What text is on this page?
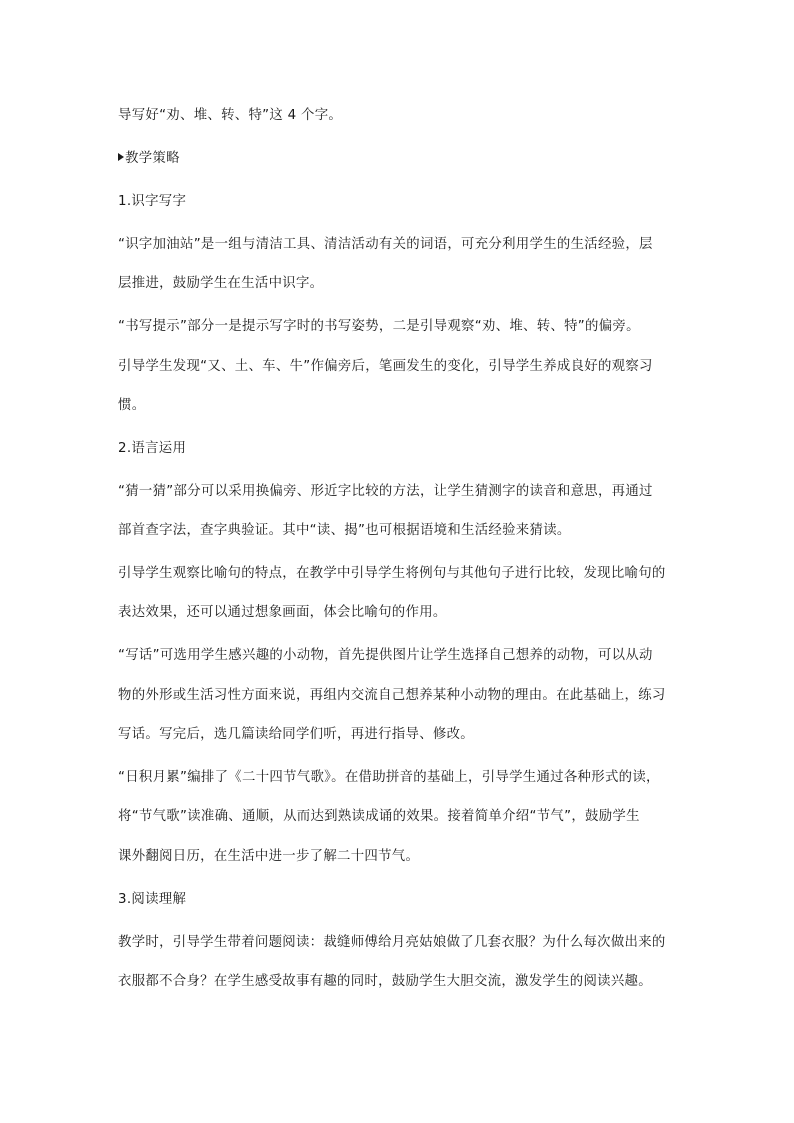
导写好“劝、堆、转、特”这 4 个字。
教学策略
1.识字写字
“识字加油站”是一组与清洁工具、清洁活动有关的词语，可充分利用学生的生活经验，层
层推进，鼓励学生在生活中识字。
“书写提示”部分一是提示写字时的书写姿势，二是引导观察“劝、堆、转、特”的偏旁。
引导学生发现“又、土、车、牛”作偏旁后，笔画发生的变化，引导学生养成良好的观察习
惯。
2.语言运用
“猜一猜”部分可以采用换偏旁、形近字比较的方法，让学生猜测字的读音和意思，再通过
部首查字法，查字典验证。其中“读、揭”也可根据语境和生活经验来猜读。
引导学生观察比喻句的特点，在教学中引导学生将例句与其他句子进行比较，发现比喻句的
表达效果，还可以通过想象画面，体会比喻句的作用。
“写话”可选用学生感兴趣的小动物，首先提供图片让学生选择自己想养的动物，可以从动
物的外形或生活习性方面来说，再组内交流自己想养某种小动物的理由。在此基础上，练习
写话。写完后，选几篇读给同学们听，再进行指导、修改。
“日积月累”编排了《二十四节气歌》。在借助拼音的基础上，引导学生通过各种形式的读，
将“节气歌”读准确、通顺，从而达到熟读成诵的效果。接着简单介绍“节气”，鼓励学生
课外翻阅日历，在生活中进一步了解二十四节气。
3.阅读理解
教学时，引导学生带着问题阅读：裁缝师傅给月亮姑娘做了几套衣服？为什么每次做出来的
衣服都不合身？在学生感受故事有趣的同时，鼓励学生大胆交流，激发学生的阅读兴趣。
